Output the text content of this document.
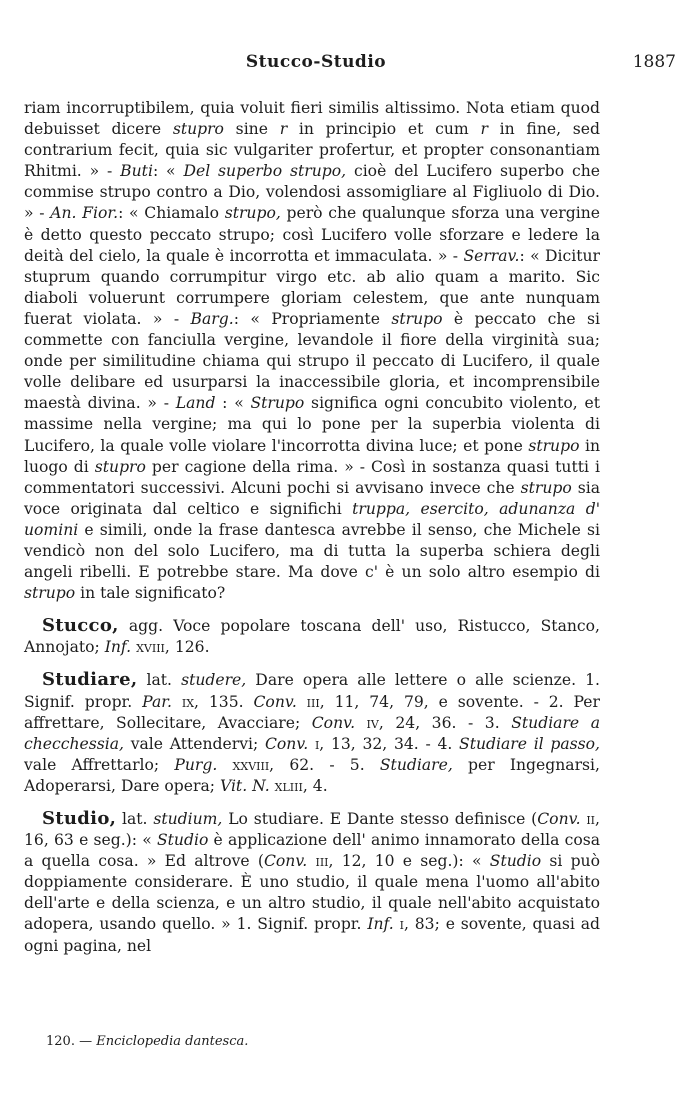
Stucco-Studio	1887

riam incorruptibilem, quia voluit fieri similis altissimo. Nota etiam quod debuisset dicere stupro sine r in principio et cum r in fine, sed contrarium fecit, quia sic vulgariter profertur, et propter consonantiam Rhitmi. » - Buti: « Del superbo strupo, cioè del Lucifero superbo che commise strupo contro a Dio, volendosi assomigliare al Figliuolo di Dio. » - An. Fior.: « Chiamalo strupo, però che qualunque sforza una vergine è detto questo peccato strupo; così Lucifero volle sforzare e ledere la deità del cielo, la quale è incorrotta et immaculata. » - Serrav.: « Dicitur stuprum quando corrumpitur virgo etc. ab alio quam a marito. Sic diaboli voluerunt corrumpere gloriam celestem, que ante nunquam fuerat violata. » - Barg.: « Propriamente strupo è peccato che si commette con fanciulla vergine, levandole il fiore della virginità sua; onde per similitudine chiama qui strupo il peccato di Lucifero, il quale volle delibare ed usurparsi la inaccessibile gloria, et incomprensibile maestà divina. » - Land : « Strupo significa ogni concubito violento, et massime nella vergine; ma qui lo pone per la superbia violenta di Lucifero, la quale volle violare l'incorrotta divina luce; et pone strupo in luogo di stupro per cagione della rima. » - Così in sostanza quasi tutti i commentatori successivi. Alcuni pochi si avvisano invece che strupo sia voce originata dal celtico e significhi truppa, esercito, adunanza d' uomini e simili, onde la frase dantesca avrebbe il senso, che Michele si vendicò non del solo Lucifero, ma di tutta la superba schiera degli angeli ribelli. E potrebbe stare. Ma dove c' è un solo altro esempio di strupo in tale significato?

Stucco, agg. Voce popolare toscana dell' uso, Ristucco, Stanco, Annojato; Inf. xviii, 126.

Studiare, lat. studere, Dare opera alle lettere o alle scienze. 1. Signif. propr. Par. ix, 135. Conv. iii, 11, 74, 79, e sovente. - 2. Per affrettare, Sollecitare, Avacciare; Conv. iv, 24, 36. - 3. Studiare a checchessia, vale Attendervi; Conv. i, 13, 32, 34. - 4. Studiare il passo, vale Affrettarlo; Purg. xxviii, 62. - 5. Studiare, per Ingegnarsi, Adoperarsi, Dare opera; Vit. N. xliii, 4.

Studio, lat. studium, Lo studiare. E Dante stesso definisce (Conv. ii, 16, 63 e seg.): « Studio è applicazione dell' animo innamorato della cosa a quella cosa. » Ed altrove (Conv. iii, 12, 10 e seg.): « Studio si può doppiamente considerare. È uno studio, il quale mena l'uomo all'abito dell'arte e della scienza, e un altro studio, il quale nell'abito acquistato adopera, usando quello. » 1. Signif. propr. Inf. i, 83; e sovente, quasi ad ogni pagina, nel

120. — Enciclopedia dantesca.
